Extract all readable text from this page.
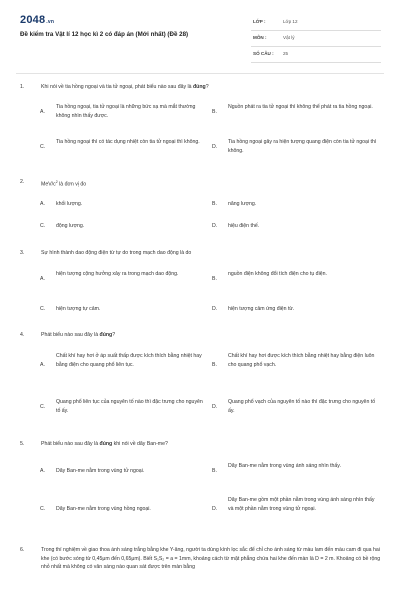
2048.vn
Đề kiểm tra Vật lí 12 học kì 2 có đáp án (Mới nhất) (Đề 28)
LỚP :	Lớp 12
MÔN :	Vật lý
SỐ CÂU : 25
1.	Khi nói về tia hồng ngoại và tia tử ngoại, phát biểu nào sau đây là đúng?
A.
Tia hồng ngoại, tia tử ngoại là những bức xạ mà mắt thường không nhìn thấy được.
B.
Nguồn phát ra tia tử ngoại thì không thể phát ra tia hồng ngoại.
C.
Tia hồng ngoại thì có tác dụng nhiệt còn tia tử ngoại thì không.
D.
Tia hồng ngoại gây ra hiện tượng quang điện còn tia tử ngoại thì không.
2.	MeV/$c^2$ là đơn vị đo
A. khối lượng.	B. năng lượng.
C. động lượng.	D. hiệu điện thế.
3.	Sự hình thành dao động điện từ tự do trong mạch dao động là do
A.
hiện tượng cộng hưởng xảy ra trong mạch dao động.
B.
nguồn điện không đổi tích điện cho tụ điện.
C. hiện tượng tự cảm.	D. hiện tượng cảm ứng điện từ.
4.	Phát biểu nào sau đây là đúng?
A.
Chất khí hay hơi ở áp suất thấp được kích thích bằng nhiệt hay bằng điện cho quang phổ liên tục.	B.
Chất khí hay hơi được kích thích bằng nhiệt hay bằng điện luôn cho quang phổ vạch.
C.
Quang phổ liên tục của nguyên tố nào thì đặc trưng cho nguyên tố ấy.
D.
Quang phổ vạch của nguyên tố nào thì đặc trưng cho nguyên tố ấy.
5.	Phát biểu nào sau đây là đúng khi nói về dãy Ban-me?
A. Dãy Ban-me nằm trong vùng tử ngoại.	B.
Dãy Ban-me nằm trong vùng ánh sáng nhìn thấy.
C. Dãy Ban-me nằm trong vùng hồng ngoại.	D.
Dãy Ban-me gồm một phần nằm trong vùng ánh sáng nhìn thấy và một phần nằm trong vùng tử ngoại.
6.	Trong thí nghiệm về giao thoa ánh sáng trắng bằng khe Y-âng, người ta dùng kính lọc sắc để chỉ cho ánh sáng từ màu lam đến màu cam đi qua hai khe (có bước sóng từ 0,45μm đến 0,65μm). Biết S₁S₂ = a = 1mm, khoảng cách từ mặt phẳng chứa hai khe đến màn là D = 2 m. Khoảng có bề rộng nhỏ nhất mà không có vân sáng nào quan sát được trên màn bằng
